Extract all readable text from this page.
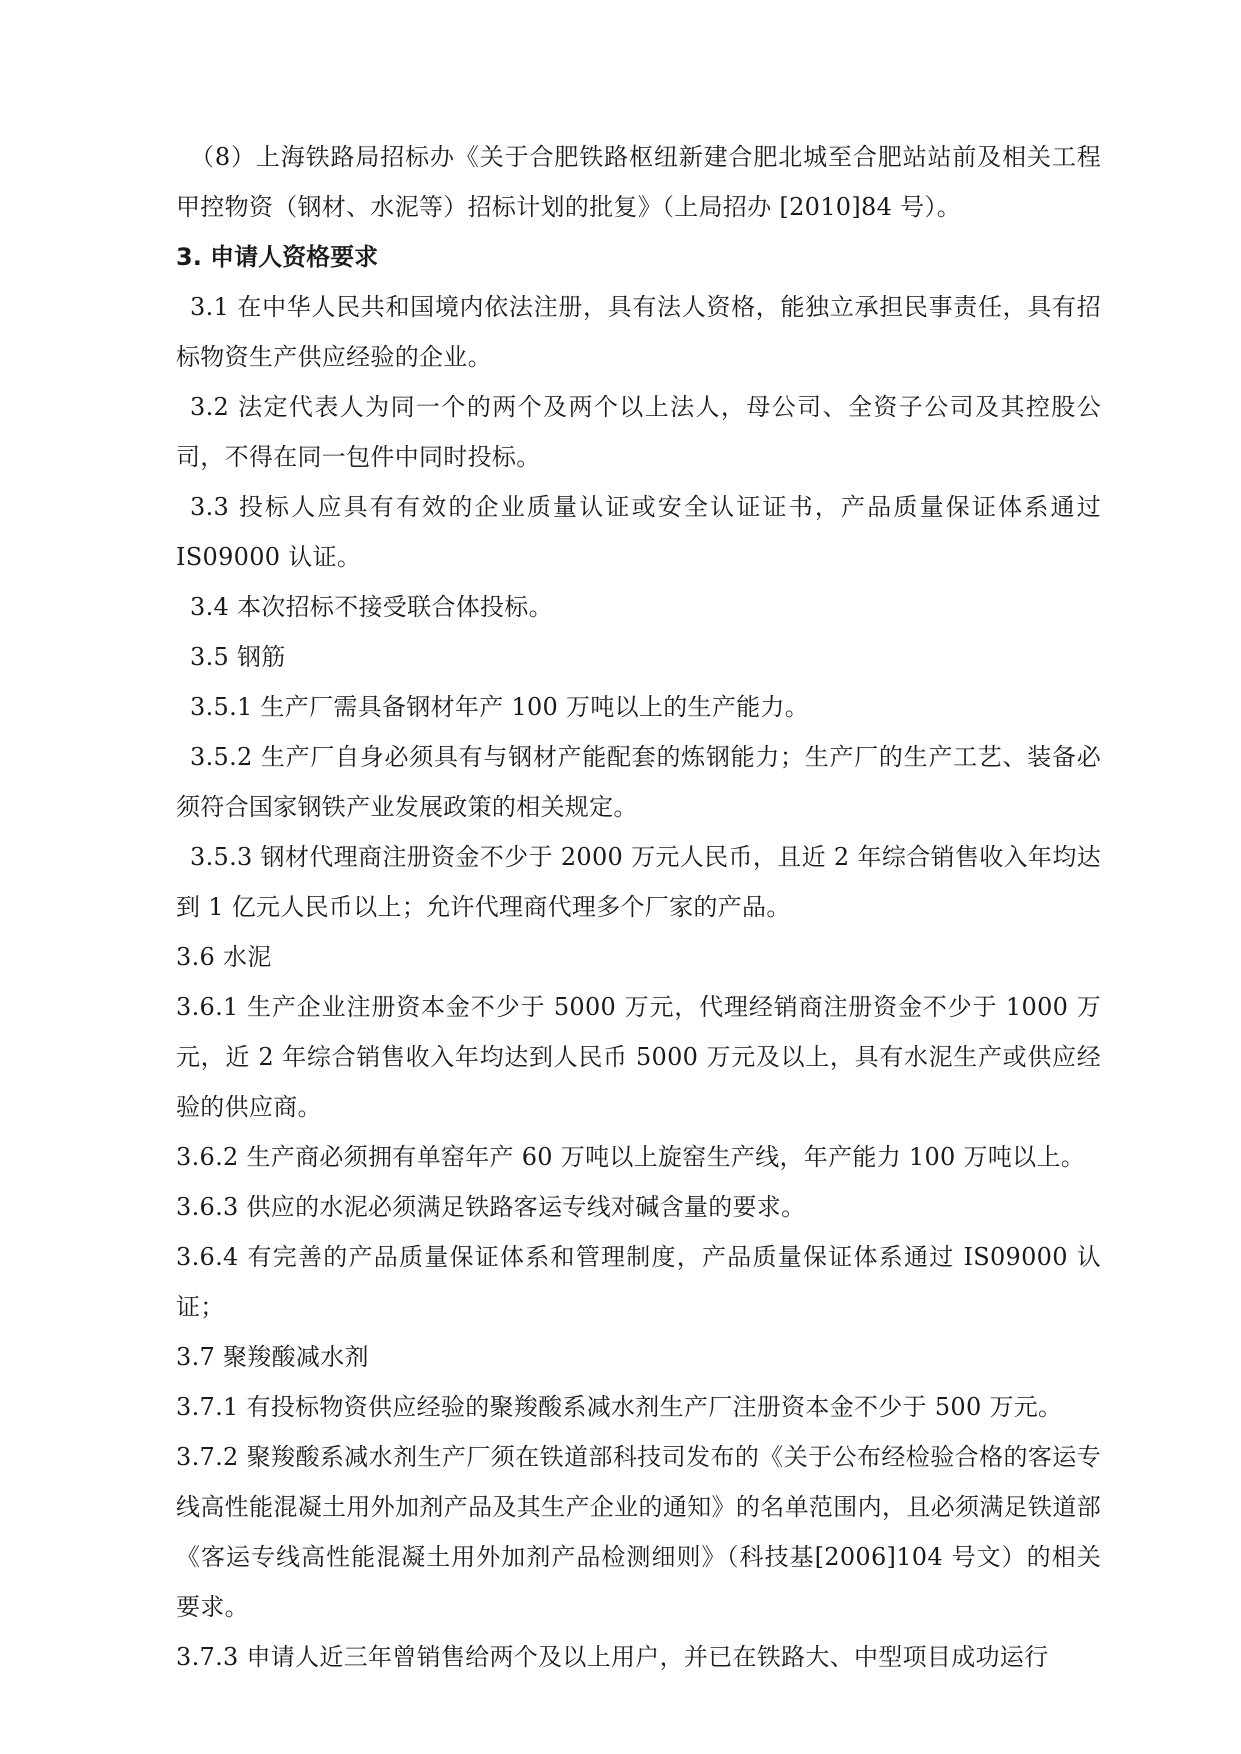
（8）上海铁路局招标办《关于合肥铁路枢纽新建合肥北城至合肥站站前及相关工程甲控物资（钢材、水泥等）招标计划的批复》（上局招办 [2010]84 号）。

3. 申请人资格要求

3.1 在中华人民共和国境内依法注册，具有法人资格，能独立承担民事责任，具有招标物资生产供应经验的企业。

3.2 法定代表人为同一个的两个及两个以上法人，母公司、全资子公司及其控股公司，不得在同一包件中同时投标。

3.3 投标人应具有有效的企业质量认证或安全认证证书，产品质量保证体系通过 IS09000 认证。

3.4 本次招标不接受联合体投标。

3.5 钢筋

3.5.1 生产厂需具备钢材年产 100 万吨以上的生产能力。

3.5.2 生产厂自身必须具有与钢材产能配套的炼钢能力；生产厂的生产工艺、装备必须符合国家钢铁产业发展政策的相关规定。

3.5.3 钢材代理商注册资金不少于 2000 万元人民币，且近 2 年综合销售收入年均达到 1 亿元人民币以上；允许代理商代理多个厂家的产品。

3.6 水泥

3.6.1 生产企业注册资本金不少于 5000 万元，代理经销商注册资金不少于 1000 万元，近 2 年综合销售收入年均达到人民币 5000 万元及以上，具有水泥生产或供应经验的供应商。

3.6.2 生产商必须拥有单窑年产 60 万吨以上旋窑生产线，年产能力 100 万吨以上。

3.6.3 供应的水泥必须满足铁路客运专线对碱含量的要求。

3.6.4 有完善的产品质量保证体系和管理制度，产品质量保证体系通过 IS09000 认证；

3.7 聚羧酸减水剂

3.7.1 有投标物资供应经验的聚羧酸系减水剂生产厂注册资本金不少于 500 万元。

3.7.2 聚羧酸系减水剂生产厂须在铁道部科技司发布的《关于公布经检验合格的客运专线高性能混凝土用外加剂产品及其生产企业的通知》的名单范围内，且必须满足铁道部《客运专线高性能混凝土用外加剂产品检测细则》（科技基[2006]104 号文）的相关要求。

3.7.3 申请人近三年曾销售给两个及以上用户，并已在铁路大、中型项目成功运行
